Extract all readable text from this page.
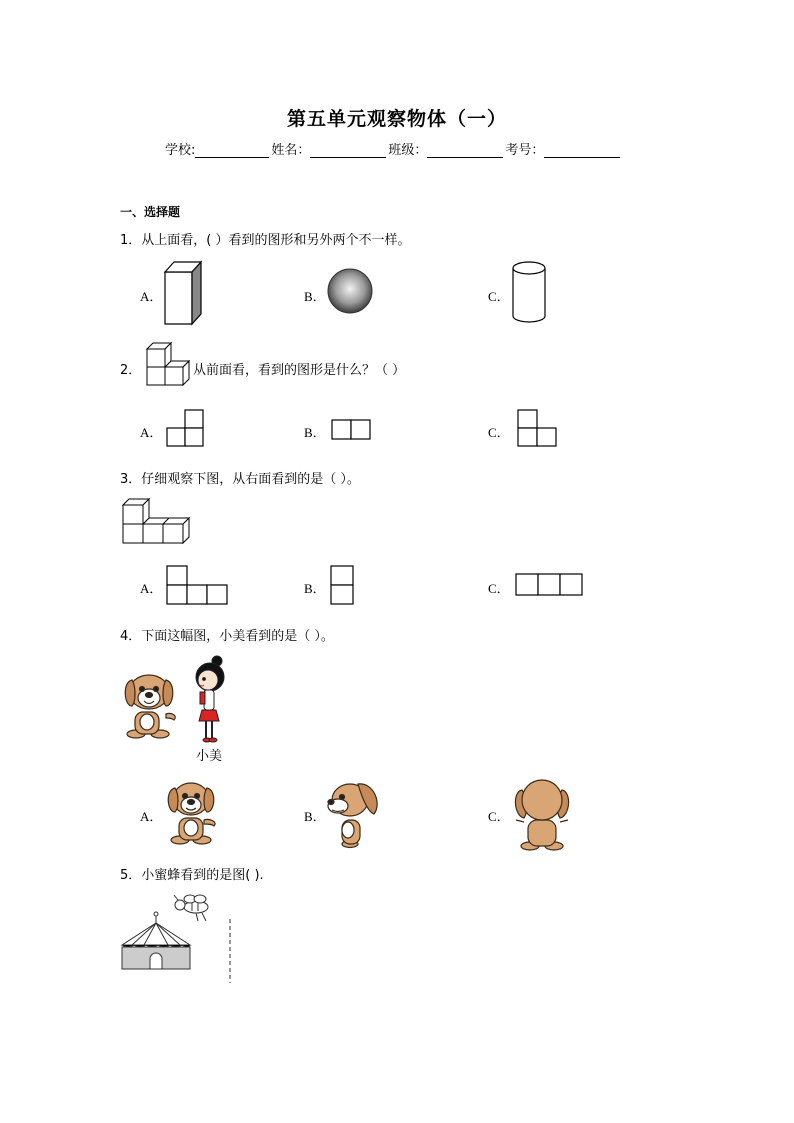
第五单元观察物体（一）
学校:	姓名：	班级：	考号：
一、选择题
1．从上面看，( ）看到的图形和另外两个不一样。
A．	B．	C．
2．	从前面看，看到的图形是什么？（ ）
A．	B．	C．
3．仔细观察下图，从右面看到的是（ ）。
A．	B．	C．
4．下面这幅图，小美看到的是（ ）。
小美
A．	B．	C．
5．小蜜蜂看到的是图( ).
